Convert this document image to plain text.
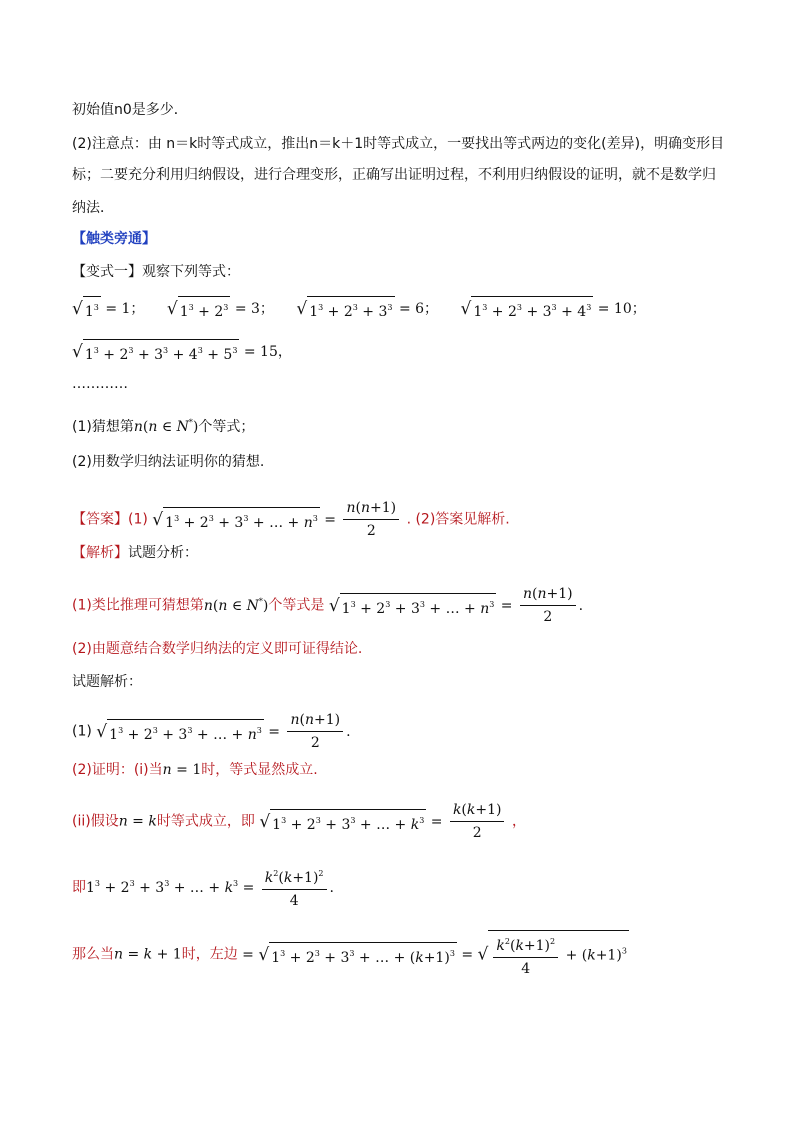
初始值n0是多少．
(2)注意点：由 n＝k时等式成立，推出n＝k＋1时等式成立，一要找出等式两边的变化(差异)，明确变形目
标；二要充分利用归纳假设，进行合理变形，正确写出证明过程，不利用归纳假设的证明，就不是数学归
纳法．
【触类旁通】
【变式一】观察下列等式：
√ $1^3 = 1$； √ $1^3 + 2^3 = 3$； √ $1^3 + 2^3 + 3^3 = 6$； √ $1^3 + 2^3 + 3^3 + 4^3 = 10$；
√ $1^3 + 2^3 + 3^3 + 4^3 + 5^3 = 15$，
…………
(1)猜想第n(n ∈ N*)个等式；
(2)用数学归纳法证明你的猜想.
【答案】(1) √ $1^3 + 2^3 + 3^3$ + … + $n^3 = \frac{n(n+1)}{2}$ . (2)答案见解析.
【解析】试题分析：
(1)类比推理可猜想第n(n ∈ N*)个等式是 √ $1^3 + 2^3 + 3^3$ + … + $n^3 = \frac{n(n+1)}{2}$ .
(2)由题意结合数学归纳法的定义即可证得结论.
试题解析：
(1) √ $1^3 + 2^3 + 3^3$ + … + $n^3 = \frac{n(n+1)}{2}$ .
(2)证明：(i)当n = 1时，等式显然成立.
(ii)假设n = k时等式成立，即 √ $1^3 + 2^3 + 3^3$ + … + $k^3 = \frac{k(k+1)}{2}$ ，
即$1^3 + 2^3 + 3^3$ + … + $k^3 = \frac{k^2(k+1)^2}{4}$ .
那么当n = k + 1时，左边 = √ $1^3 + 2^3 + 3^3$ + … + $(k+1)^3$ = √ $\frac{k^2(k+1)^2}{4} + (k+1)^3$
